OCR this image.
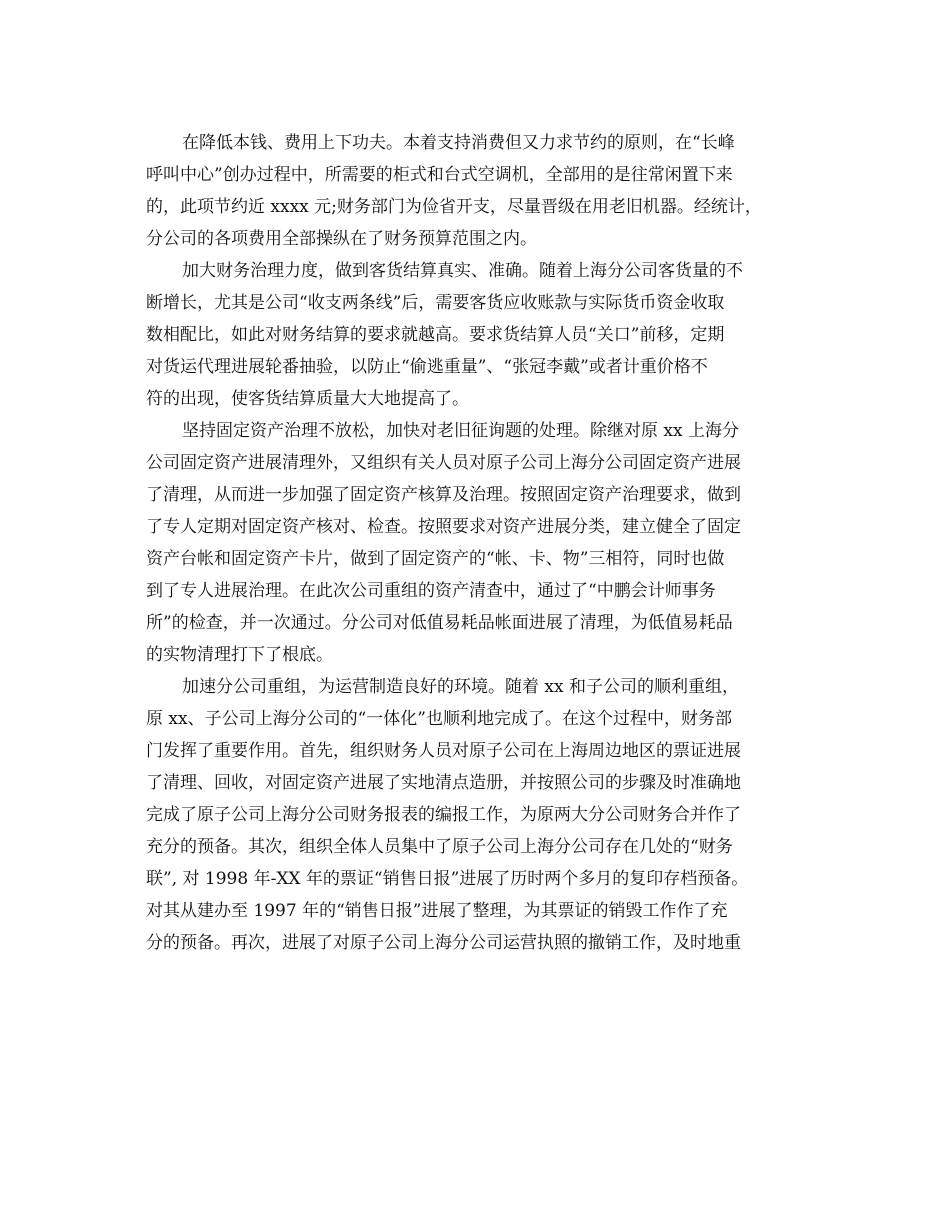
在降低本钱、费用上下功夫。本着支持消费但又力求节约的原则，在“长峰
呼叫中心”创办过程中，所需要的柜式和台式空调机，全部用的是往常闲置下来
的，此项节约近 xxxx 元;财务部门为俭省开支，尽量晋级在用老旧机器。经统计，
分公司的各项费用全部操纵在了财务预算范围之内。
加大财务治理力度，做到客货结算真实、准确。随着上海分公司客货量的不
断增长，尤其是公司“收支两条线”后，需要客货应收账款与实际货币资金收取
数相配比，如此对财务结算的要求就越高。要求货结算人员“关口”前移，定期
对货运代理进展轮番抽验，以防止“偷逃重量”、“张冠李戴”或者计重价格不
符的出现，使客货结算质量大大地提高了。
坚持固定资产治理不放松，加快对老旧征询题的处理。除继对原 xx 上海分
公司固定资产进展清理外，又组织有关人员对原子公司上海分公司固定资产进展
了清理，从而进一步加强了固定资产核算及治理。按照固定资产治理要求，做到
了专人定期对固定资产核对、检查。按照要求对资产进展分类，建立健全了固定
资产台帐和固定资产卡片，做到了固定资产的“帐、卡、物”三相符，同时也做
到了专人进展治理。在此次公司重组的资产清查中，通过了“中鹏会计师事务
所”的检查，并一次通过。分公司对低值易耗品帐面进展了清理，为低值易耗品
的实物清理打下了根底。
加速分公司重组，为运营制造良好的环境。随着 xx 和子公司的顺利重组，
原 xx、子公司上海分公司的“一体化”也顺利地完成了。在这个过程中，财务部
门发挥了重要作用。首先，组织财务人员对原子公司在上海周边地区的票证进展
了清理、回收，对固定资产进展了实地清点造册，并按照公司的步骤及时准确地
完成了原子公司上海分公司财务报表的编报工作，为原两大分公司财务合并作了
充分的预备。其次，组织全体人员集中了原子公司上海分公司存在几处的“财务
联”, 对 1998 年-XX 年的票证“销售日报”进展了历时两个多月的复印存档预备。
对其从建办至 1997 年的“销售日报”进展了整理，为其票证的销毁工作作了充
分的预备。再次，进展了对原子公司上海分公司运营执照的撤销工作，及时地重
